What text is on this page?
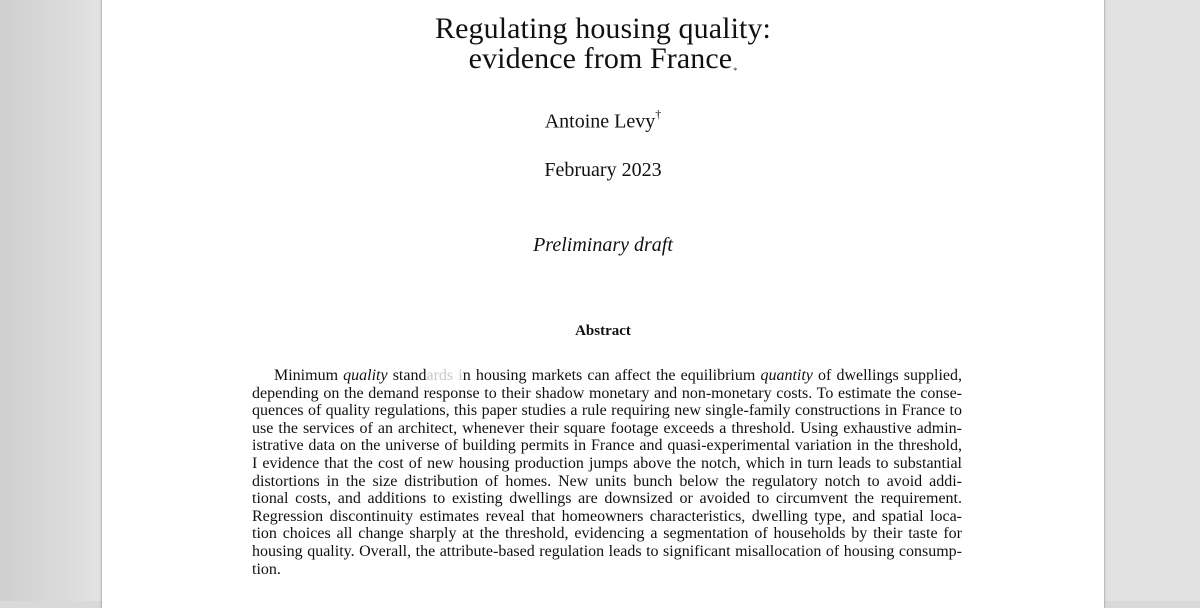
Regulating housing quality:
evidence from France*
Antoine Levy†
February 2023
Preliminary draft
Abstract
Minimum quality standards in housing markets can affect the equilibrium quantity of dwellings supplied,
depending on the demand response to their shadow monetary and non-monetary costs. To estimate the conse-
quences of quality regulations, this paper studies a rule requiring new single-family constructions in France to
use the services of an architect, whenever their square footage exceeds a threshold. Using exhaustive admin-
istrative data on the universe of building permits in France and quasi-experimental variation in the threshold,
I evidence that the cost of new housing production jumps above the notch, which in turn leads to substantial
distortions in the size distribution of homes. New units bunch below the regulatory notch to avoid addi-
tional costs, and additions to existing dwellings are downsized or avoided to circumvent the requirement.
Regression discontinuity estimates reveal that homeowners characteristics, dwelling type, and spatial loca-
tion choices all change sharply at the threshold, evidencing a segmentation of households by their taste for
housing quality. Overall, the attribute-based regulation leads to significant misallocation of housing consump-
tion.
